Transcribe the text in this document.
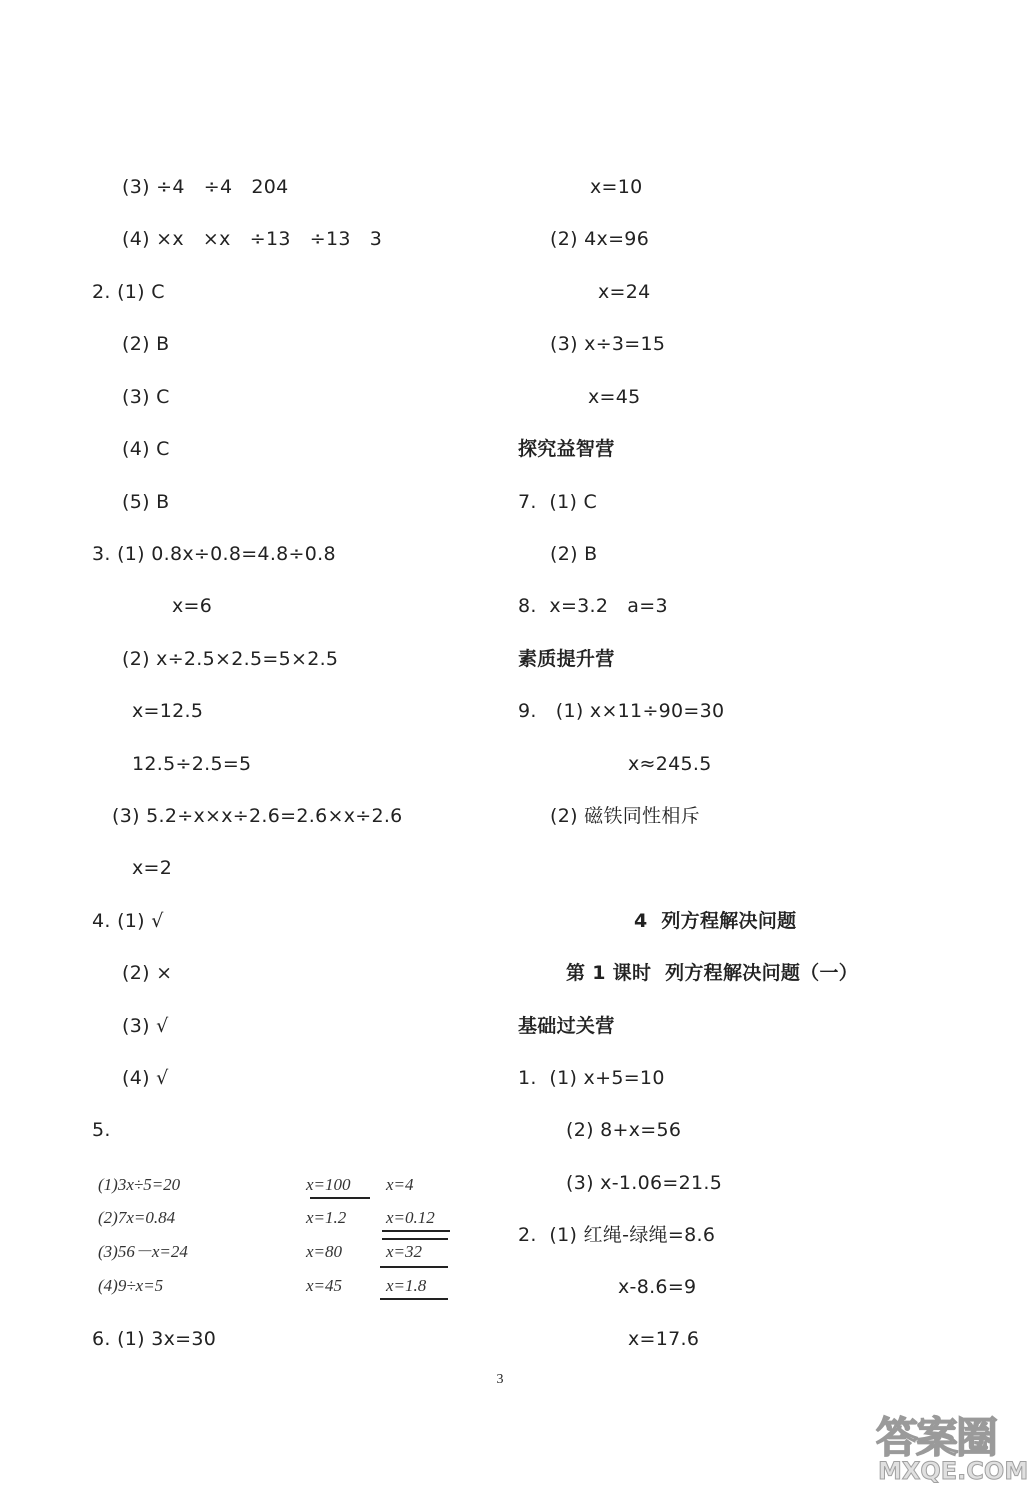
(3) ÷4   ÷4   204
(4) ×x   ×x   ÷13   ÷13   3
2. (1) C
(2) B
(3) C
(4) C
(5) B
3. (1) 0.8x÷0.8=4.8÷0.8
x=6
(2) x÷2.5×2.5=5×2.5
x=12.5
12.5÷2.5=5
(3) 5.2÷x×x÷2.6=2.6×x÷2.6
x=2
4. (1) √
(2) ×
(3) √
(4) √
5.
(1)3x÷5=20
(2)7x=0.84
(3)56－x=24
(4)9÷x=5
x=100
x=1.2
x=80
x=45
x=4
x=0.12
x=32
x=1.8
6. (1) 3x=30
x=10
(2) 4x=96
x=24
(3) x÷3=15
x=45
探究益智营
7.  (1) C
(2) B
8.  x=3.2   a=3
素质提升营
9.   (1) x×11÷90=30
x≈245.5
(2) 磁铁同性相斥
4  列方程解决问题
第 1 课时  列方程解决问题（一）
基础过关营
1.  (1) x+5=10
(2) 8+x=56
(3) x-1.06=21.5
2.  (1) 红绳-绿绳=8.6
x-8.6=9
x=17.6
3
答案圈
MXQE.COM
